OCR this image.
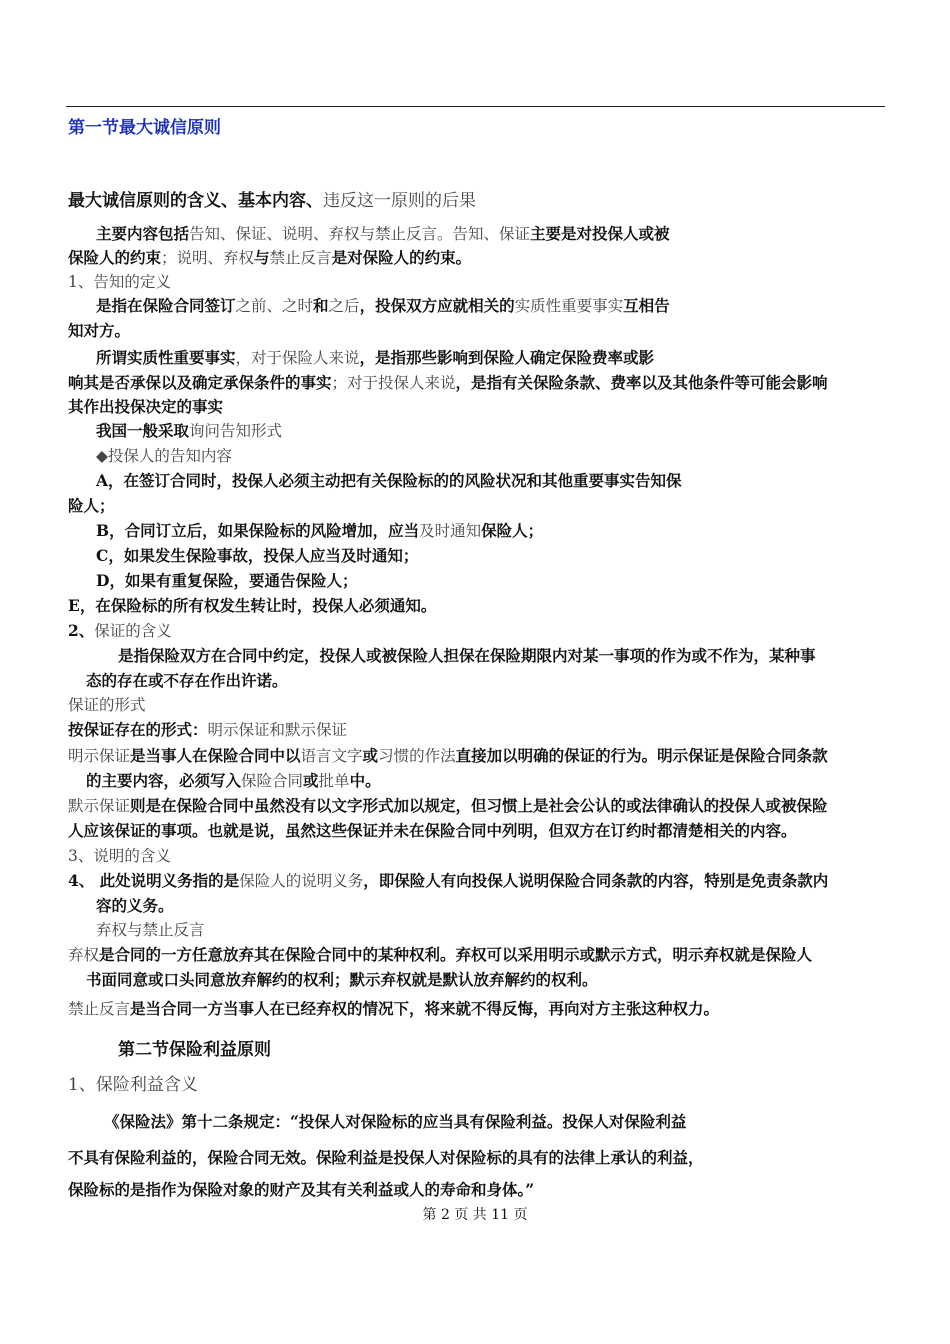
第一节最大诚信原则
最大诚信原则的含义、基本内容、违反这一原则的后果
主要内容包括告知、保证、说明、弃权与禁止反言。告知、保证主要是对投保人或被
保险人的约束；说明、弃权与禁止反言是对保险人的约束。
1、告知的定义
是指在保险合同签订之前、之时和之后，投保双方应就相关的实质性重要事实互相告
知对方。
所谓实质性重要事实，对于保险人来说，是指那些影响到保险人确定保险费率或影
响其是否承保以及确定承保条件的事实；对于投保人来说，是指有关保险条款、费率以及其他条件等可能会影响
其作出投保决定的事实
我国一般采取询问告知形式
◆投保人的告知内容
A，在签订合同时，投保人必须主动把有关保险标的的风险状况和其他重要事实告知保
险人；
B，合同订立后，如果保险标的风险增加，应当及时通知保险人；
C，如果发生保险事故，投保人应当及时通知；
D，如果有重复保险，要通告保险人；
E，在保险标的所有权发生转让时，投保人必须通知。
2、保证的含义
是指保险双方在合同中约定，投保人或被保险人担保在保险期限内对某一事项的作为或不作为，某种事
态的存在或不存在作出许诺。
保证的形式
按保证存在的形式：明示保证和默示保证
明示保证是当事人在保险合同中以语言文字或习惯的作法直接加以明确的保证的行为。明示保证是保险合同条款
的主要内容，必须写入保险合同或批单中。
默示保证则是在保险合同中虽然没有以文字形式加以规定，但习惯上是社会公认的或法律确认的投保人或被保险
人应该保证的事项。也就是说，虽然这些保证并未在保险合同中列明，但双方在订约时都清楚相关的内容。
3、说明的含义
4、 此处说明义务指的是保险人的说明义务，即保险人有向投保人说明保险合同条款的内容，特别是免责条款内
容的义务。
弃权与禁止反言
弃权是合同的一方任意放弃其在保险合同中的某种权利。弃权可以采用明示或默示方式，明示弃权就是保险人
书面同意或口头同意放弃解约的权利；默示弃权就是默认放弃解约的权利。
禁止反言是当合同一方当事人在已经弃权的情况下，将来就不得反悔，再向对方主张这种权力。
第二节保险利益原则
1、保险利益含义
《保险法》第十二条规定：“投保人对保险标的应当具有保险利益。投保人对保险利益
不具有保险利益的，保险合同无效。保险利益是投保人对保险标的具有的法律上承认的利益，
保险标的是指作为保险对象的财产及其有关利益或人的寿命和身体。”
第 2 页 共 11 页
